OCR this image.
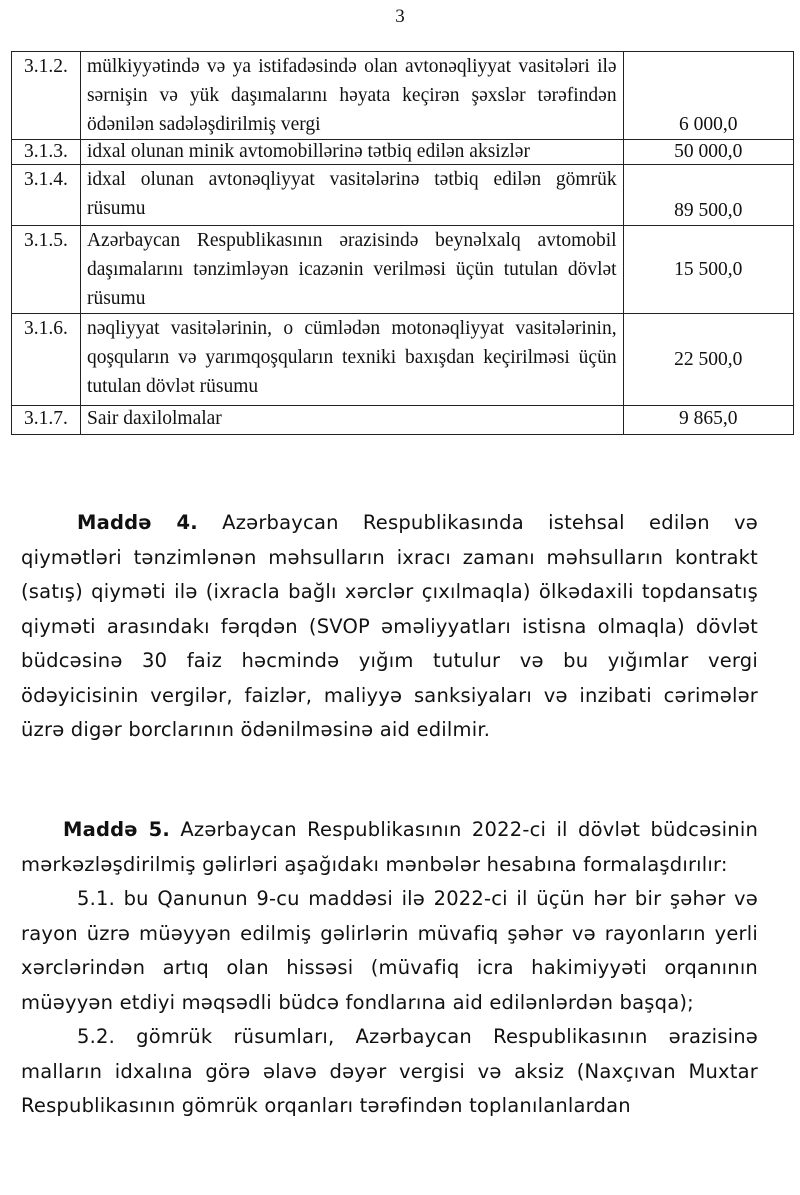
3
3.1.2.	mülkiyyətində və ya istifadəsində olan avtonəqliyyat vasitələri ilə sərnişin və yük daşımalarını həyata keçirən şəxslər tərəfindən ödənilən sadələşdirilmiş vergi	6 000,0
3.1.3.	idxal olunan minik avtomobillərinə tətbiq edilən aksizlər	50 000,0
3.1.4.	idxal olunan avtonəqliyyat vasitələrinə tətbiq edilən gömrük rüsumu	89 500,0
3.1.5.	Azərbaycan Respublikasının ərazisində beynəlxalq avtomobil daşımalarını tənzimləyən icazənin verilməsi üçün tutulan dövlət rüsumu	15 500,0
3.1.6.	nəqliyyat vasitələrinin, o cümlədən motonəqliyyat vasitələrinin, qoşquların və yarımqoşquların texniki baxışdan keçirilməsi üçün tutulan dövlət rüsumu	22 500,0
3.1.7.	Sair daxilolmalar	9 865,0

Maddə 4. Azərbaycan Respublikasında istehsal edilən və qiymətləri tənzimlənən məhsulların ixracı zamanı məhsulların kontrakt (satış) qiyməti ilə (ixracla bağlı xərclər çıxılmaqla) ölkədaxili topdansatış qiyməti arasındakı fərqdən (SVOP əməliyyatları istisna olmaqla) dövlət büdcəsinə 30 faiz həcmində yığım tutulur və bu yığımlar vergi ödəyicisinin vergilər, faizlər, maliyyə sanksiyaları və inzibati cərimələr üzrə digər borclarının ödənilməsinə aid edilmir.

Maddə 5. Azərbaycan Respublikasının 2022-ci il dövlət büdcəsinin mərkəzləşdirilmiş gəlirləri aşağıdakı mənbələr hesabına formalaşdırılır:

5.1. bu Qanunun 9-cu maddəsi ilə 2022-ci il üçün hər bir şəhər və rayon üzrə müəyyən edilmiş gəlirlərin müvafiq şəhər və rayonların yerli xərclərindən artıq olan hissəsi (müvafiq icra hakimiyyəti orqanının müəyyən etdiyi məqsədli büdcə fondlarına aid edilənlərdən başqa);

5.2. gömrük rüsumları, Azərbaycan Respublikasının ərazisinə malların idxalına görə əlavə dəyər vergisi və aksiz (Naxçıvan Muxtar Respublikasının gömrük orqanları tərəfindən toplanılanlardan
